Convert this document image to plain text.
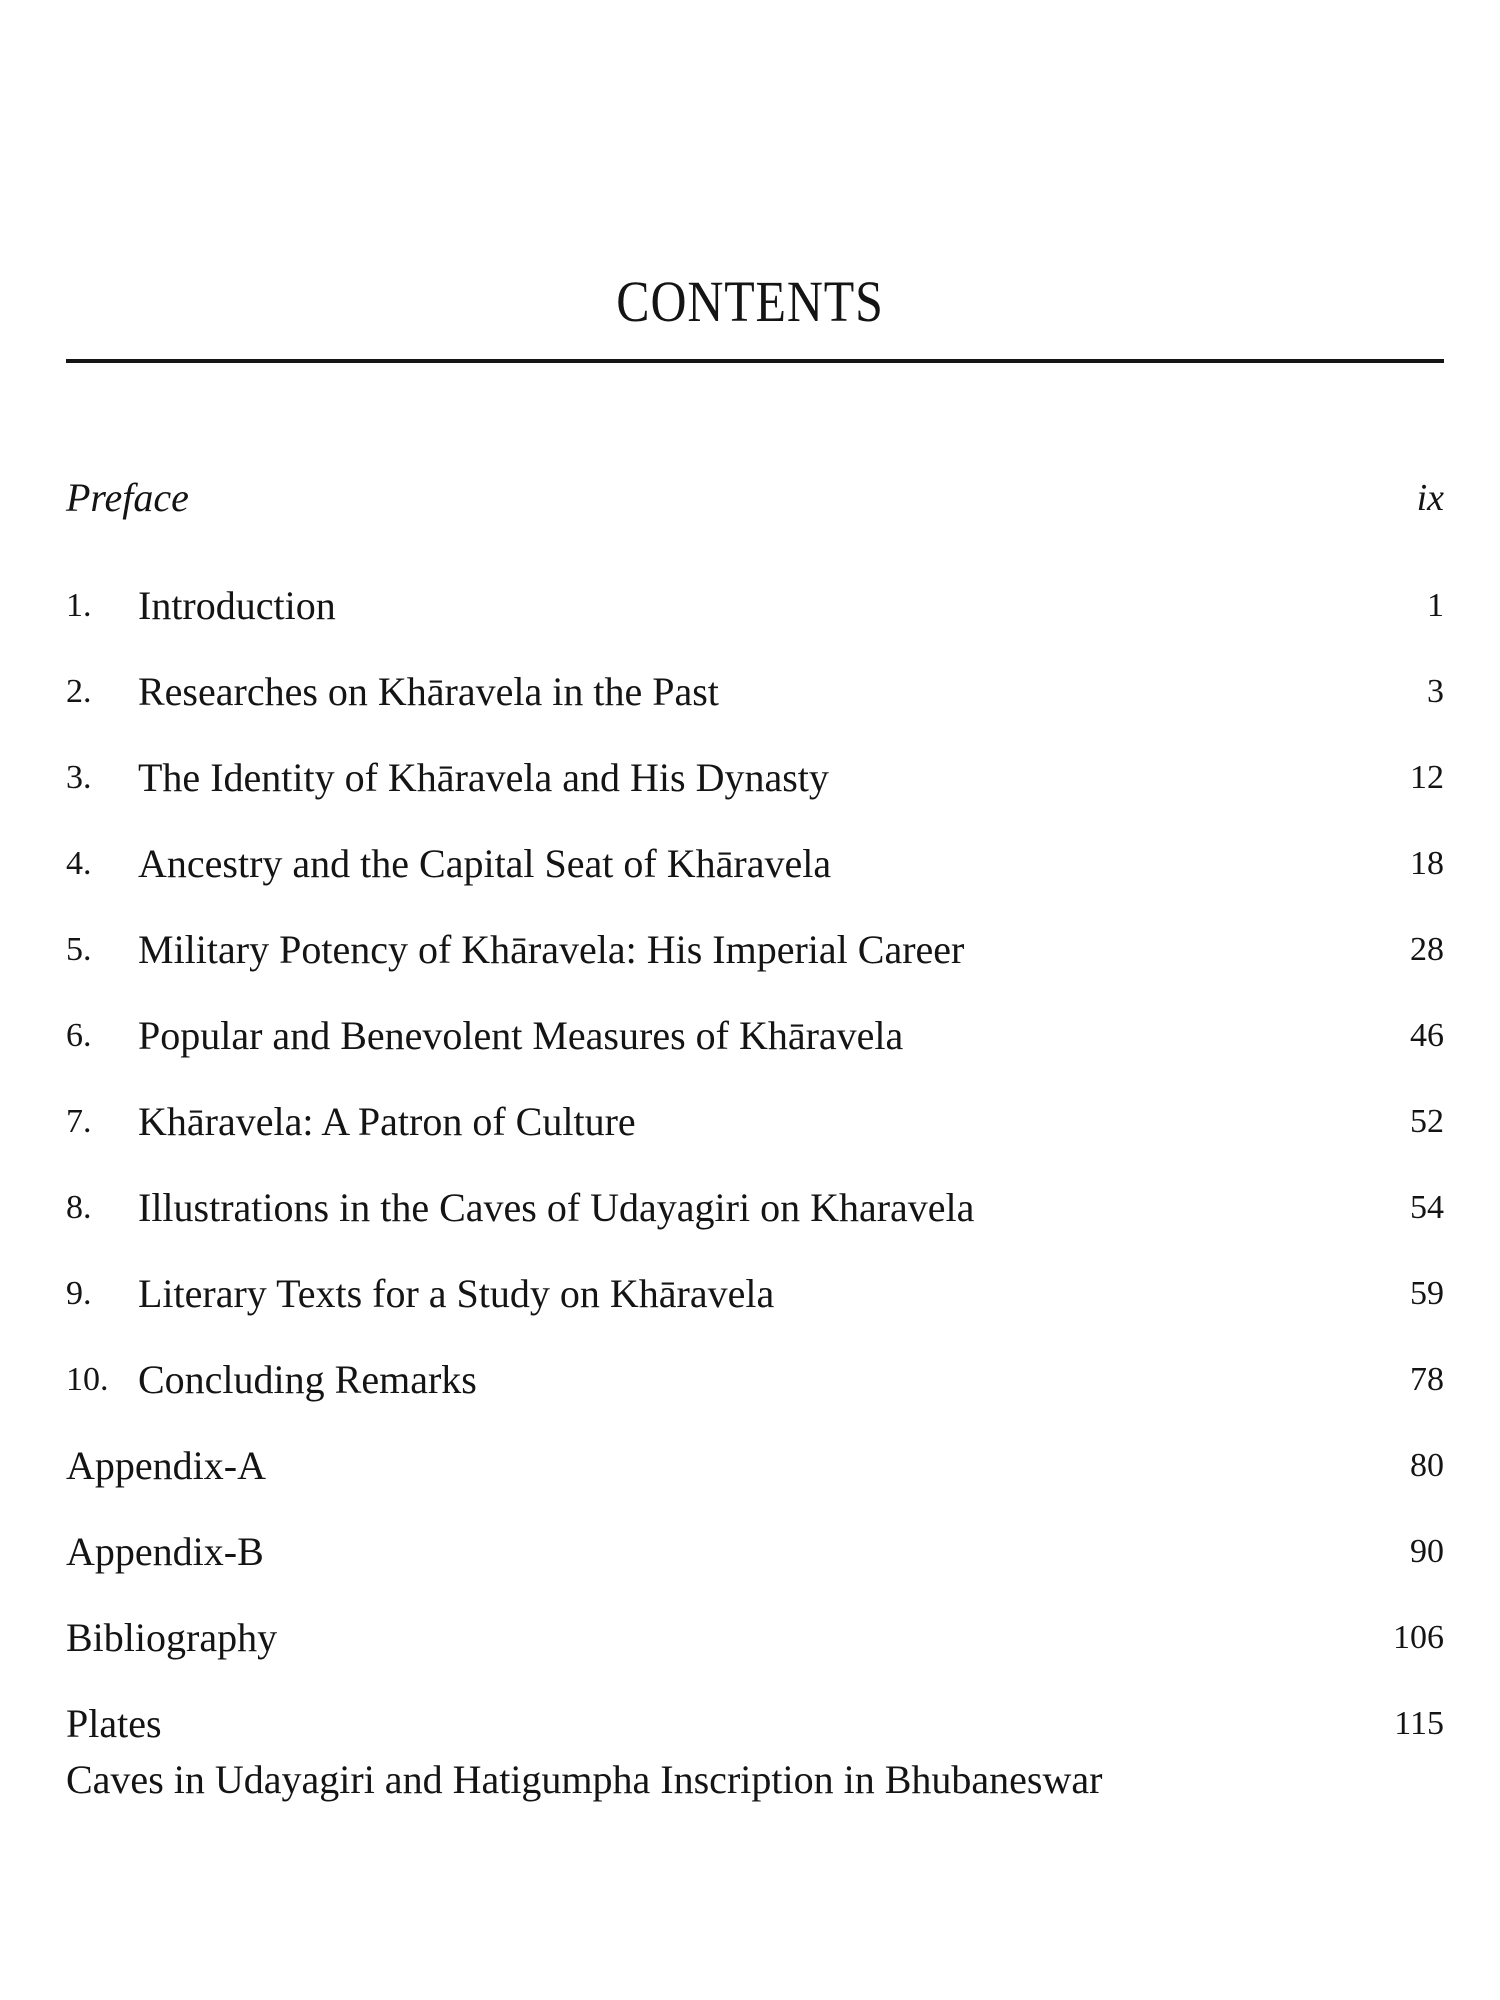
CONTENTS
Preface	ix
1. Introduction	1
2. Researches on Khāravela in the Past	3
3. The Identity of Khāravela and His Dynasty	12
4. Ancestry and the Capital Seat of Khāravela	18
5. Military Potency of Khāravela: His Imperial Career	28
6. Popular and Benevolent Measures of Khāravela	46
7. Khāravela: A Patron of Culture	52
8. Illustrations in the Caves of Udayagiri on Kharavela	54
9. Literary Texts for a Study on Khāravela	59
10. Concluding Remarks	78
Appendix-A	80
Appendix-B	90
Bibliography	106
Plates	115
Caves in Udayagiri and Hatigumpha Inscription in Bhubaneswar
